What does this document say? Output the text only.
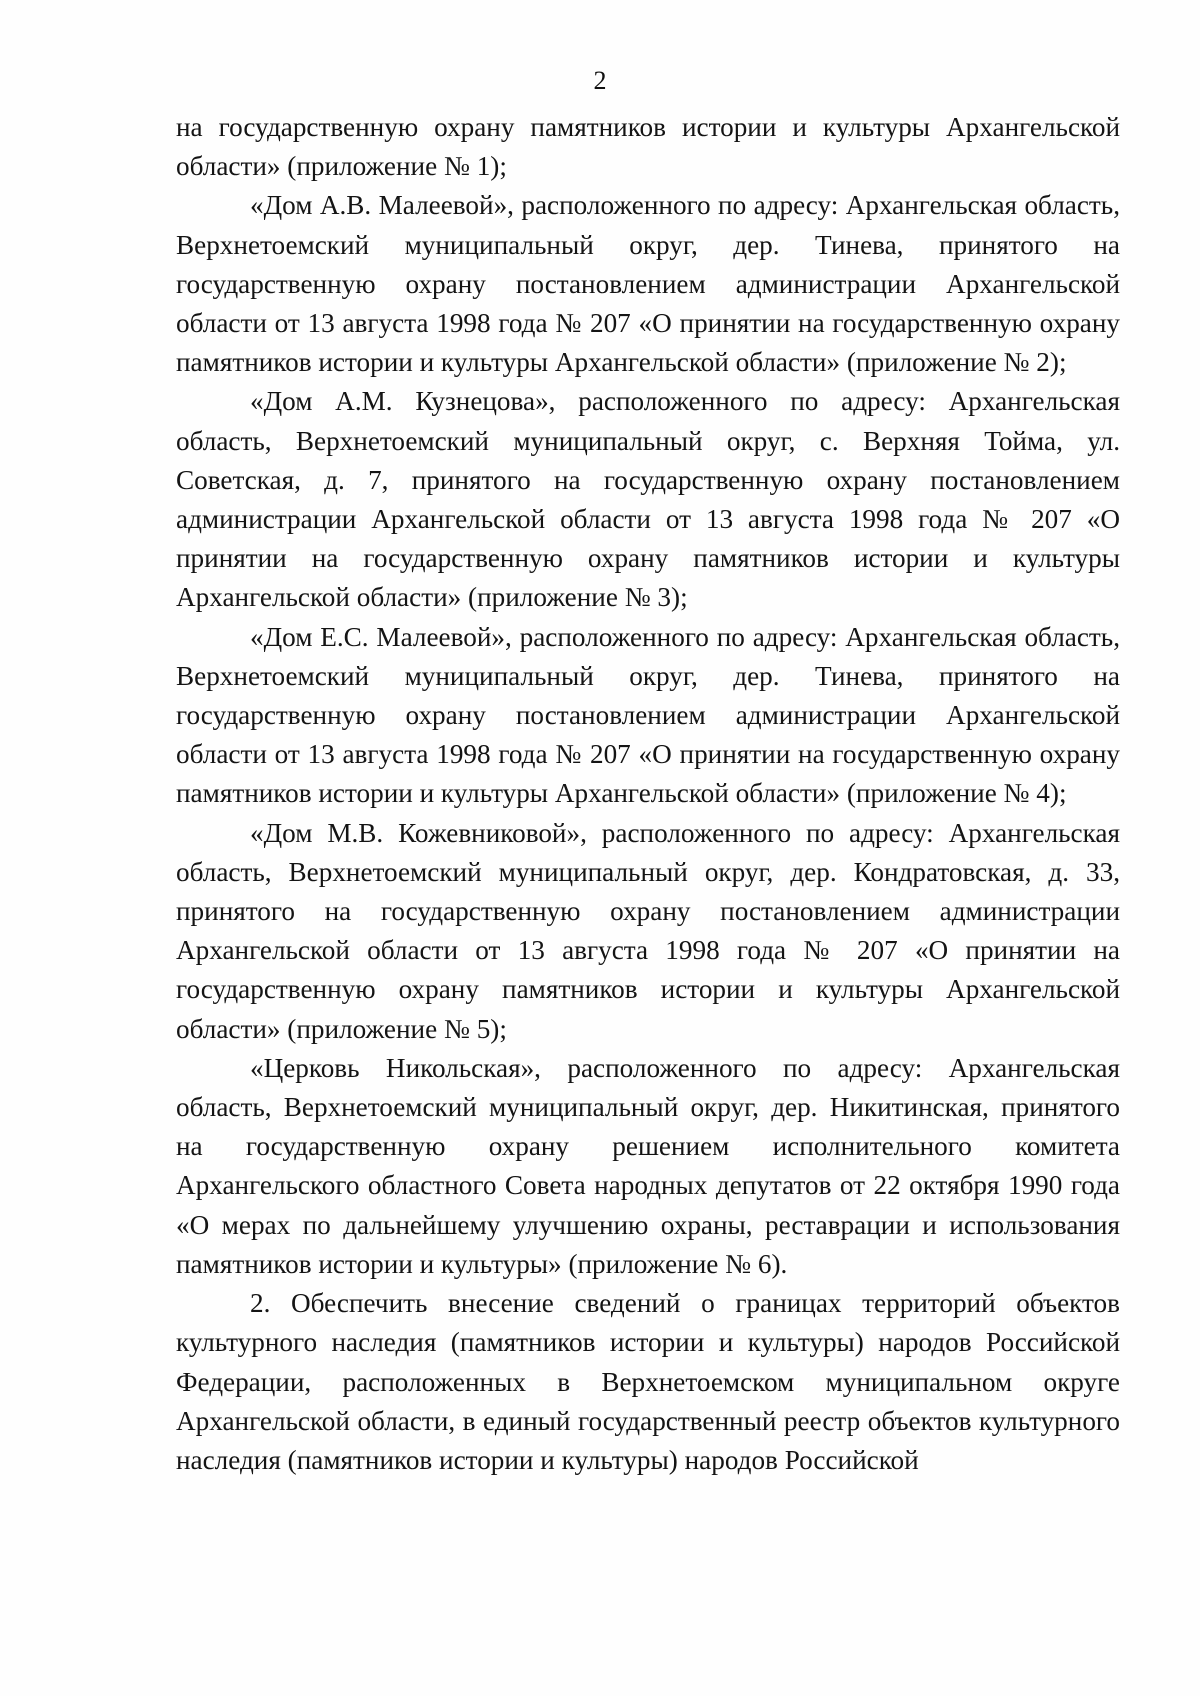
2

на государственную охрану памятников истории и культуры Архангельской области» (приложение № 1);

«Дом А.В. Малеевой», расположенного по адресу: Архангельская область, Верхнетоемский муниципальный округ, дер. Тинева, принятого на государственную охрану постановлением администрации Архангельской области от 13 августа 1998 года № 207 «О принятии на государственную охрану памятников истории и культуры Архангельской области» (приложение № 2);

«Дом А.М. Кузнецова», расположенного по адресу: Архангельская область, Верхнетоемский муниципальный округ, с. Верхняя Тойма, ул. Советская, д. 7, принятого на государственную охрану постановлением администрации Архангельской области от 13 августа 1998 года № 207 «О принятии на государственную охрану памятников истории и культуры Архангельской области» (приложение № 3);

«Дом Е.С. Малеевой», расположенного по адресу: Архангельская область, Верхнетоемский муниципальный округ, дер. Тинева, принятого на государственную охрану постановлением администрации Архангельской области от 13 августа 1998 года № 207 «О принятии на государственную охрану памятников истории и культуры Архангельской области» (приложение № 4);

«Дом М.В. Кожевниковой», расположенного по адресу: Архангельская область, Верхнетоемский муниципальный округ, дер. Кондратовская, д. 33, принятого на государственную охрану постановлением администрации Архангельской области от 13 августа 1998 года № 207 «О принятии на государственную охрану памятников истории и культуры Архангельской области» (приложение № 5);

«Церковь Никольская», расположенного по адресу: Архангельская область, Верхнетоемский муниципальный округ, дер. Никитинская, принятого на государственную охрану решением исполнительного комитета Архангельского областного Совета народных депутатов от 22 октября 1990 года «О мерах по дальнейшему улучшению охраны, реставрации и использования памятников истории и культуры» (приложение № 6).

2. Обеспечить внесение сведений о границах территорий объектов культурного наследия (памятников истории и культуры) народов Российской Федерации, расположенных в Верхнетоемском муниципальном округе Архангельской области, в единый государственный реестр объектов культурного наследия (памятников истории и культуры) народов Российской
